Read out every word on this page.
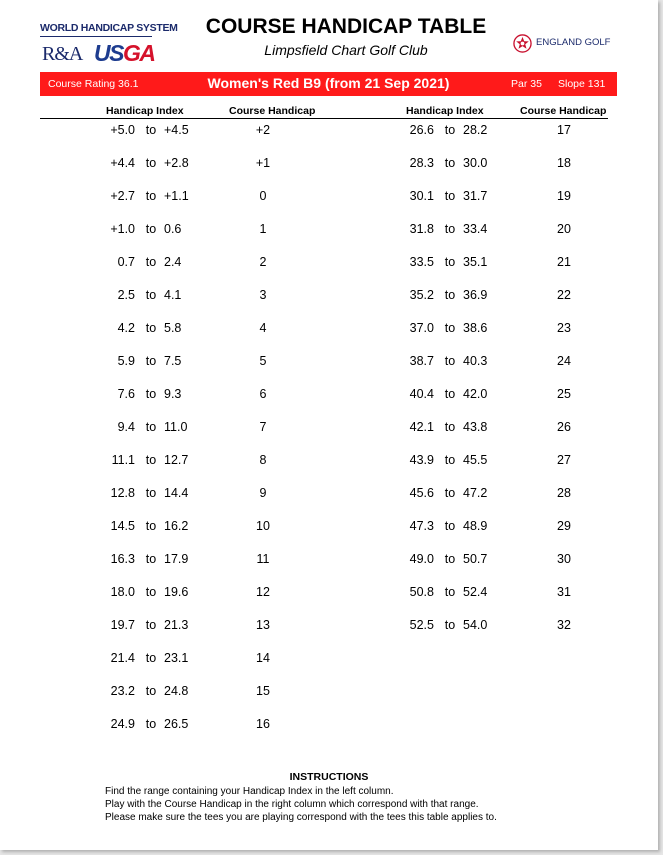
WORLD HANDICAP SYSTEM
R&A USGA
COURSE HANDICAP TABLE
Limpsfield Chart Golf Club	ENGLAND GOLF
Course Rating 36.1	Women's Red B9 (from 21 Sep 2021)	Par 35 Slope 131
Handicap Index	Course Handicap	Handicap Index	Course Handicap
+5.0 to +4.5	+2
+4.4 to +2.8	+1
+2.7 to +1.1	0
+1.0 to 0.6	1
0.7 to 2.4	2
2.5 to 4.1	3
4.2 to 5.8	4
5.9 to 7.5	5
7.6 to 9.3	6
9.4 to 11.0	7
11.1 to 12.7	8
12.8 to 14.4	9
14.5 to 16.2	10
16.3 to 17.9	11
18.0 to 19.6	12
19.7 to 21.3	13
21.4 to 23.1	14
23.2 to 24.8	15
24.9 to 26.5	16
26.6 to 28.2	17
28.3 to 30.0	18
30.1 to 31.7	19
31.8 to 33.4	20
33.5 to 35.1	21
35.2 to 36.9	22
37.0 to 38.6	23
38.7 to 40.3	24
40.4 to 42.0	25
42.1 to 43.8	26
43.9 to 45.5	27
45.6 to 47.2	28
47.3 to 48.9	29
49.0 to 50.7	30
50.8 to 52.4	31
52.5 to 54.0	32
INSTRUCTIONS
Find the range containing your Handicap Index in the left column.
Play with the Course Handicap in the right column which correspond with that range.
Please make sure the tees you are playing correspond with the tees this table applies to.
